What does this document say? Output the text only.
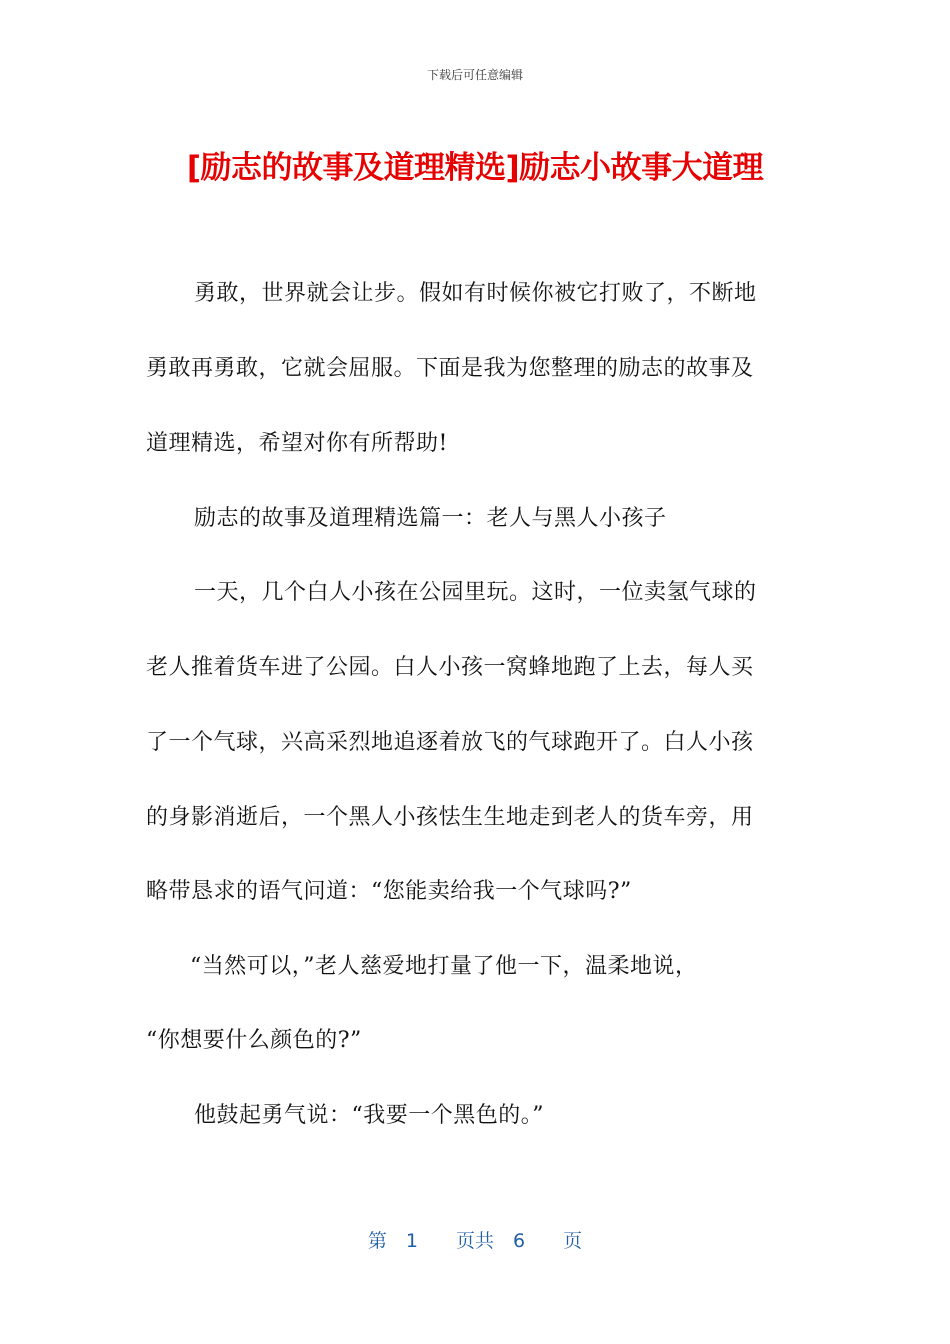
下载后可任意编辑
[励志的故事及道理精选]励志小故事大道理
勇敢，世界就会让步。假如有时候你被它打败了，不断地
勇敢再勇敢，它就会屈服。下面是我为您整理的励志的故事及
道理精选，希望对你有所帮助!
励志的故事及道理精选篇一：老人与黑人小孩子
一天，几个白人小孩在公园里玩。这时，一位卖氢气球的
老人推着货车进了公园。白人小孩一窝蜂地跑了上去，每人买
了一个气球，兴高采烈地追逐着放飞的气球跑开了。白人小孩
的身影消逝后，一个黑人小孩怯生生地走到老人的货车旁，用
略带恳求的语气问道：“您能卖给我一个气球吗?”
“当然可以，”老人慈爱地打量了他一下，温柔地说，
“你想要什么颜色的?”
他鼓起勇气说：“我要一个黑色的。”
第　1　　页共　6　　页
